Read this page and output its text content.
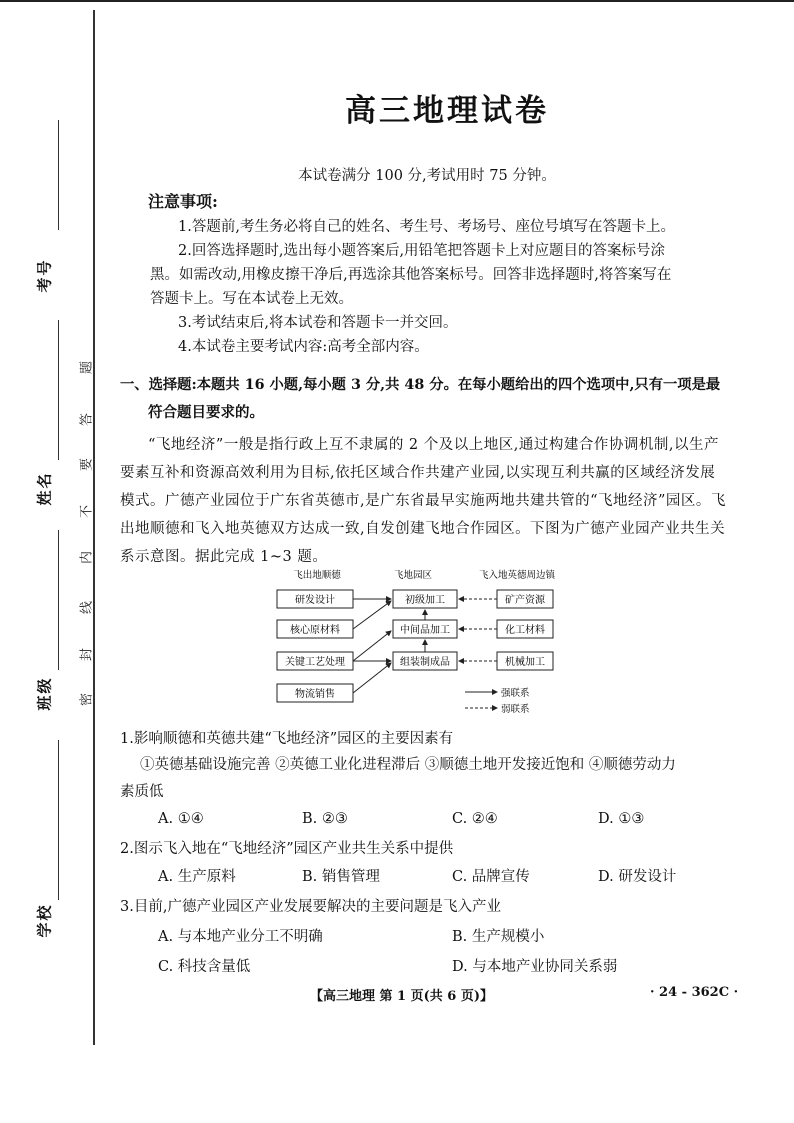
考号
姓名
班级
学校
题
答
要
不
内
线
封
密
高三地理试卷
本试卷满分 100 分,考试用时 75 分钟。
注意事项:
1.答题前,考生务必将自己的姓名、考生号、考场号、座位号填写在答题卡上。
2.回答选择题时,选出每小题答案后,用铅笔把答题卡上对应题目的答案标号涂
黑。如需改动,用橡皮擦干净后,再选涂其他答案标号。回答非选择题时,将答案写在
答题卡上。写在本试卷上无效。
3.考试结束后,将本试卷和答题卡一并交回。
4.本试卷主要考试内容:高考全部内容。
一、选择题:本题共 16 小题,每小题 3 分,共 48 分。在每小题给出的四个选项中,只有一项是最
符合题目要求的。
“飞地经济”一般是指行政上互不隶属的 2 个及以上地区,通过构建合作协调机制,以生产
要素互补和资源高效利用为目标,依托区域合作共建产业园,以实现互利共赢的区域经济发展
模式。广德产业园位于广东省英德市,是广东省最早实施两地共建共管的“飞地经济”园区。飞
出地顺德和飞入地英德双方达成一致,自发创建飞地合作园区。下图为广德产业园产业共生关
系示意图。据此完成 1~3 题。
飞出地顺德	飞地园区	飞入地英德周边镇
研发设计
核心原材料
关键工艺处理
物流销售
初级加工
中间品加工
组装制成品
矿产资源
化工材料
机械加工
强联系
弱联系
1.影响顺德和英德共建“飞地经济”园区的主要因素有
①英德基础设施完善 ②英德工业化进程滞后 ③顺德土地开发接近饱和 ④顺德劳动力
素质低
A. ①④	B. ②③	C. ②④	D. ①③
2.图示飞入地在“飞地经济”园区产业共生关系中提供
A. 生产原料	B. 销售管理	C. 品牌宣传	D. 研发设计
3.目前,广德产业园区产业发展要解决的主要问题是飞入产业
A. 与本地产业分工不明确	B. 生产规模小
C. 科技含量低	D. 与本地产业协同关系弱
【高三地理 第 1 页(共 6 页)】	· 24 - 362C ·
